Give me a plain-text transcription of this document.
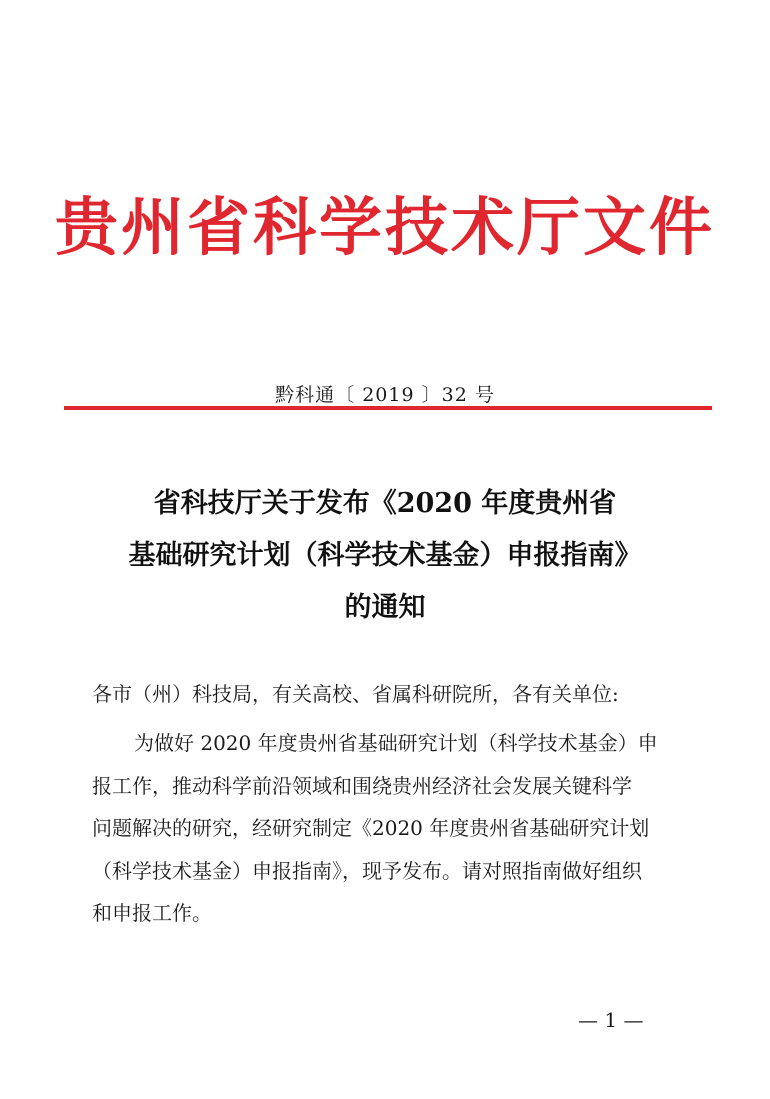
贵州省科学技术厅文件
黔科通〔 2019 〕32 号
省科技厅关于发布《2020 年度贵州省
基础研究计划（科学技术基金）申报指南》
的通知
各市（州）科技局，有关高校、省属科研院所，各有关单位:
为做好 2020 年度贵州省基础研究计划（科学技术基金）申
报工作，推动科学前沿领域和围绕贵州经济社会发展关键科学
问题解决的研究，经研究制定《2020 年度贵州省基础研究计划
（科学技术基金）申报指南》，现予发布。请对照指南做好组织
和申报工作。
— 1 —
